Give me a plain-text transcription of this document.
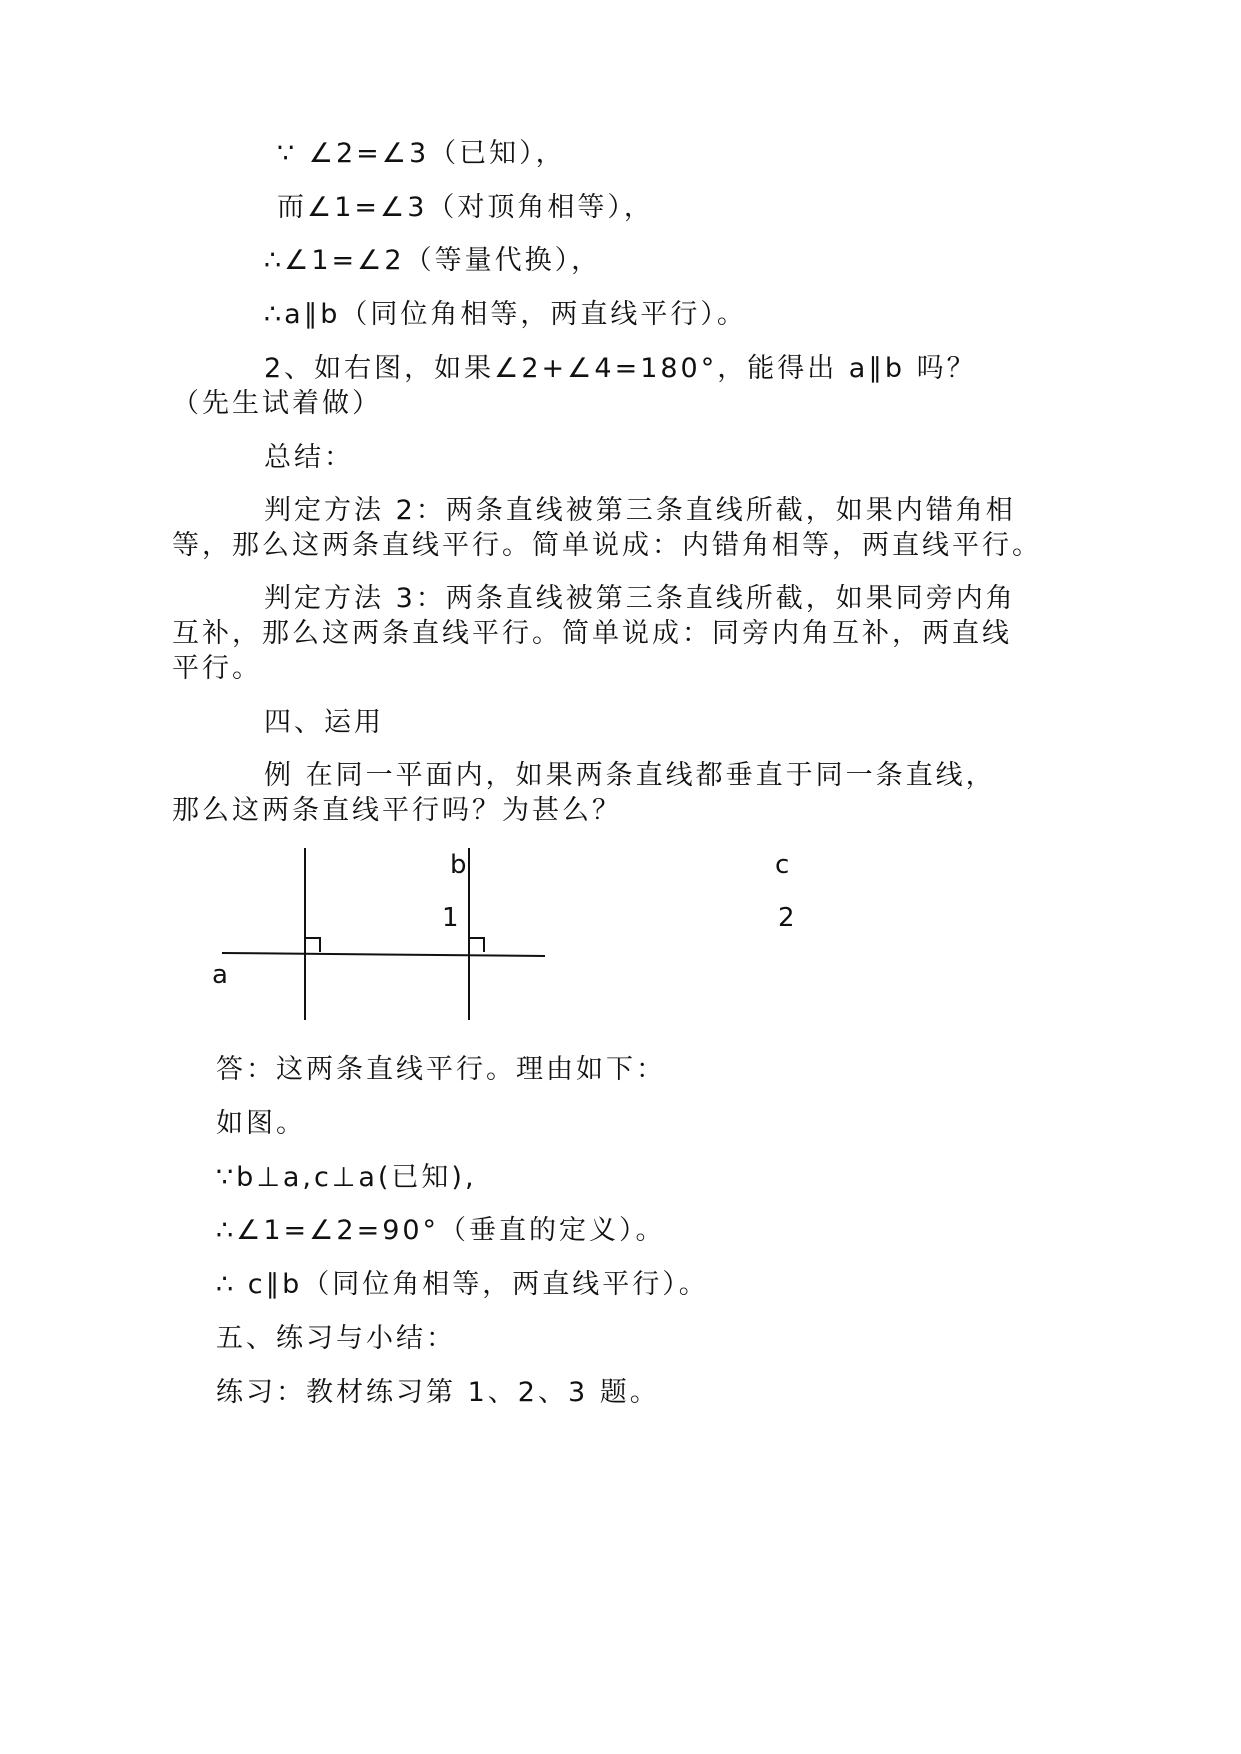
∵ ∠2=∠3（已知），
而∠1=∠3（对顶角相等），
∴∠1=∠2（等量代换），
∴a∥b（同位角相等，两直线平行）。
2、如右图，如果∠2+∠4=180°，能得出 a∥b 吗？
（先生试着做）
总结：
判定方法 2：两条直线被第三条直线所截，如果内错角相
等，那么这两条直线平行。简单说成：内错角相等，两直线平行。
判定方法 3：两条直线被第三条直线所截，如果同旁内角
互补，那么这两条直线平行。简单说成：同旁内角互补，两直线
平行。
四、运用
例 在同一平面内，如果两条直线都垂直于同一条直线，
那么这两条直线平行吗？为甚么？
b	c
1	2
a
答：这两条直线平行。理由如下：
如图。
∵b⊥a,c⊥a(已知),
∴∠1=∠2=90°（垂直的定义）。
∴ c∥b（同位角相等，两直线平行）。
五、练习与小结：
练习：教材练习第 1、2、3 题。
